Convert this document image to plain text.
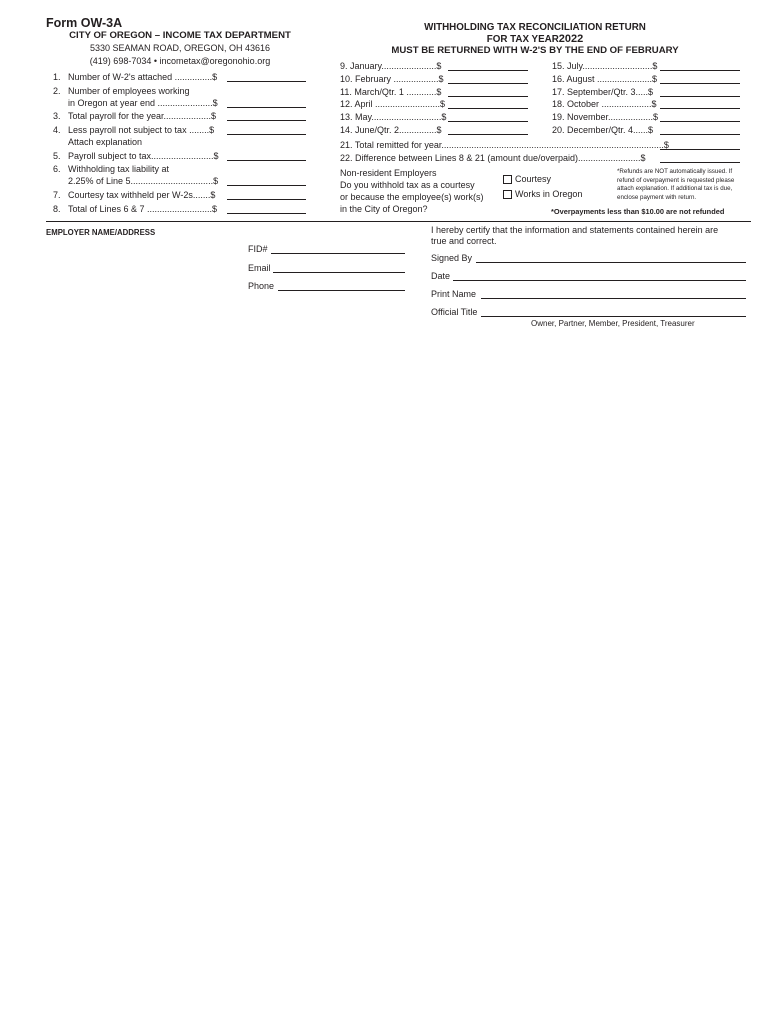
Form OW-3A
CITY OF OREGON – INCOME TAX DEPARTMENT
5330 SEAMAN ROAD, OREGON, OH 43616
(419) 698-7034 • incometax@oregonohio.org
WITHHOLDING TAX RECONCILIATION RETURN
FOR TAX YEAR2022
MUST BE RETURNED WITH W-2'S BY THE END OF FEBRUARY
1. Number of W-2's attached ...............$
2. Number of employees working
in Oregon at year end ......................$
3. Total payroll for the year...................$
4. Less payroll not subject to tax ........$
Attach explanation
5. Payroll subject to tax.........................$
6. Withholding tax liability at
2.25% of Line 5.................................$
7. Courtesy tax withheld per W-2s.......$
8. Total of Lines 6 & 7 ..........................$
9. January......................$
10. February ..................$
11. March/Qtr. 1 ............$
12. April ..........................$
13. May............................$
14. June/Qtr. 2...............$
15. July............................$
16. August ......................$
17. September/Qtr. 3.....$
18. October ....................$
19. November..................$
20. December/Qtr. 4......$
21. Total remitted for year.........................................................................................$
22. Difference between Lines 8 & 21 (amount due/overpaid).........................$
Non-resident Employers
Do you withhold tax as a courtesy
or because the employee(s) work(s)
in the City of Oregon?
Courtesy
Works in Oregon
*Refunds are NOT automatically issued. If refund of overpayment is requested please attach explanation. If additional tax is due, enclose payment with return.
*Overpayments less than $10.00 are not refunded
EMPLOYER NAME/ADDRESS
FID#
Email
Phone
I hereby certify that the information and statements contained herein are
true and correct.
Signed By
Date
Print Name
Official Title
Owner, Partner, Member, President, Treasurer
